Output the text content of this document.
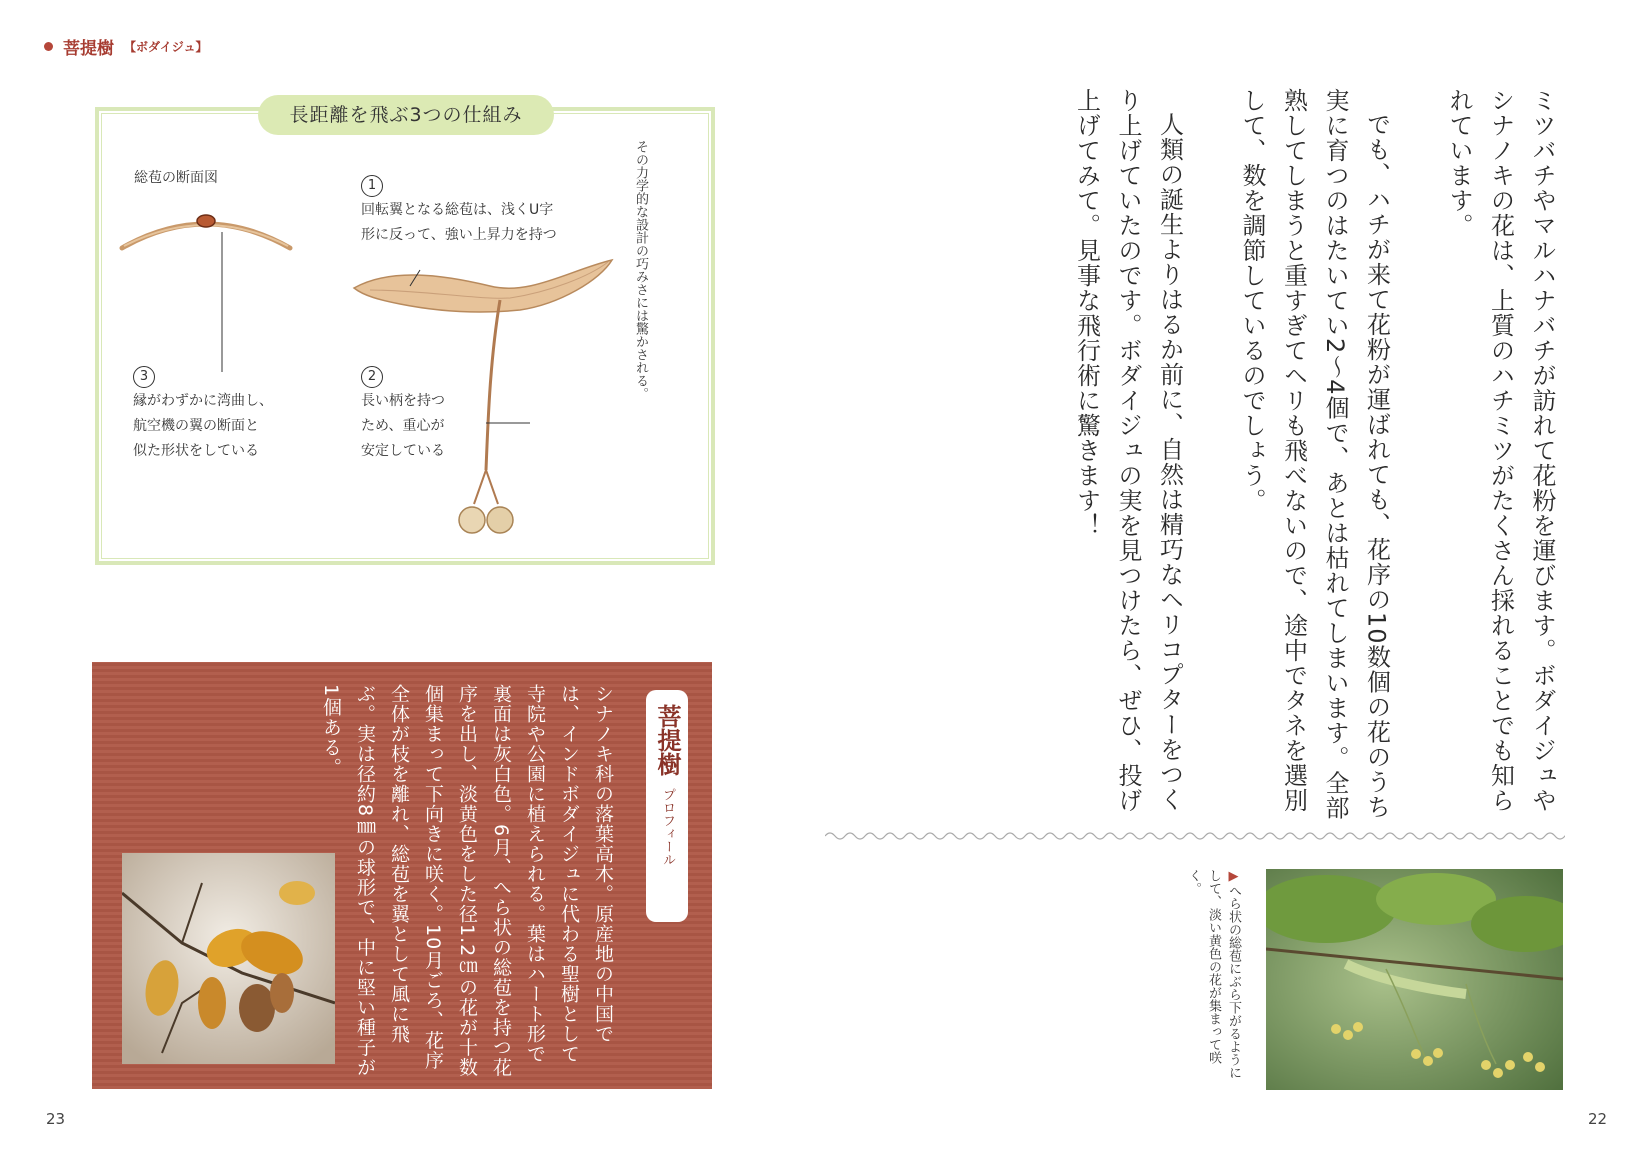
菩提樹 【ボダイジュ】
長距離を飛ぶ3つの仕組み
総苞の断面図	1
回転翼となる総苞は、浅くU字
形に反って、強い上昇力を持つ
3
縁がわずかに湾曲し、
航空機の翼の断面と
似た形状をしている
2
長い柄を持つ
ため、重心が
安定している
その力学的な設計の巧みさには驚かされる。
シナノキ科の落葉高木。原産地の中国では、インドボダイジュに代わる聖樹として寺院や公園に植えられる。葉はハート形で裏面は灰白色。6月、へら状の総苞を持つ花序を出し、淡黄色をした径1.2㎝の花が十数個集まって下向きに咲く。10月ごろ、花序全体が枝を離れ、総苞を翼として風に飛ぶ。実は径約8㎜の球形で、中に堅い種子が1個ある。	菩提樹
プロフィール

ミツバチやマルハナバチが訪れて花粉を運びます。ボダイジュやシナノキの花は、上質のハチミツがたくさん採れることでも知られています。

でも、ハチが来て花粉が運ばれても、花序の10数個の花のうち実に育つのはたいてい2〜4個で、あとは枯れてしまいます。全部熟してしまうと重すぎてヘリも飛べないので、途中でタネを選別して、数を調節しているのでしょう。

人類の誕生よりはるか前に、自然は精巧なヘリコプターをつくり上げていたのです。ボダイジュの実を見つけたら、ぜひ、投げ上げてみて。見事な飛行術に驚きます！

▶へら状の総苞にぶら下がるようにして、淡い黄色の花が集まって咲く。
23	22
